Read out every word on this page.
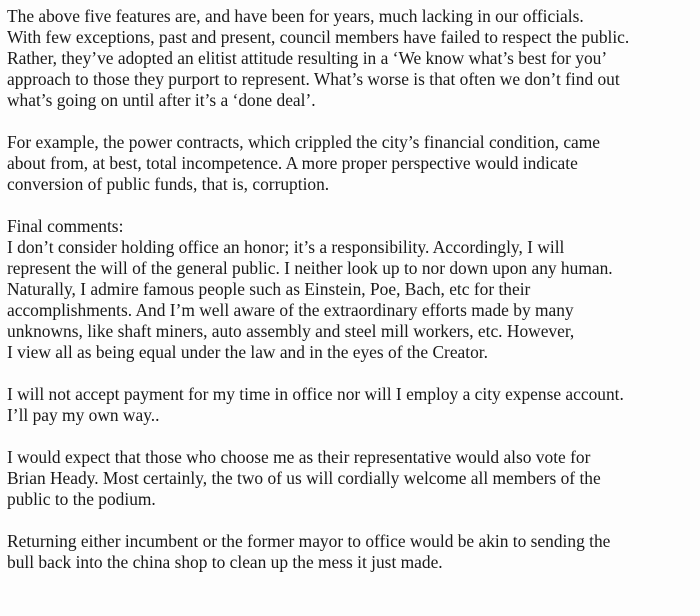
The above five features are, and have been for years, much lacking in our officials.
With few exceptions, past and present, council members have failed to respect the public.
Rather, they’ve adopted an elitist attitude resulting in a ‘We know what’s best for you’
approach to those they purport to represent. What’s worse is that often we don’t find out
what’s going on until after it’s a ‘done deal’.

For example, the power contracts, which crippled the city’s financial condition, came
about from, at best, total incompetence. A more proper perspective would indicate
conversion of public funds, that is, corruption.

Final comments:
I don’t consider holding office an honor; it’s a responsibility. Accordingly, I will
represent the will of the general public. I neither look up to nor down upon any human.
Naturally, I admire famous people such as Einstein, Poe, Bach, etc for their
accomplishments. And I’m well aware of the extraordinary efforts made by many
unknowns, like shaft miners, auto assembly and steel mill workers, etc. However,
I view all as being equal under the law and in the eyes of the Creator.

I will not accept payment for my time in office nor will I employ a city expense account.
I’ll pay my own way..

I would expect that those who choose me as their representative would also vote for
Brian Heady. Most certainly, the two of us will cordially welcome all members of the
public to the podium.

Returning either incumbent or the former mayor to office would be akin to sending the
bull back into the china shop to clean up the mess it just made.
